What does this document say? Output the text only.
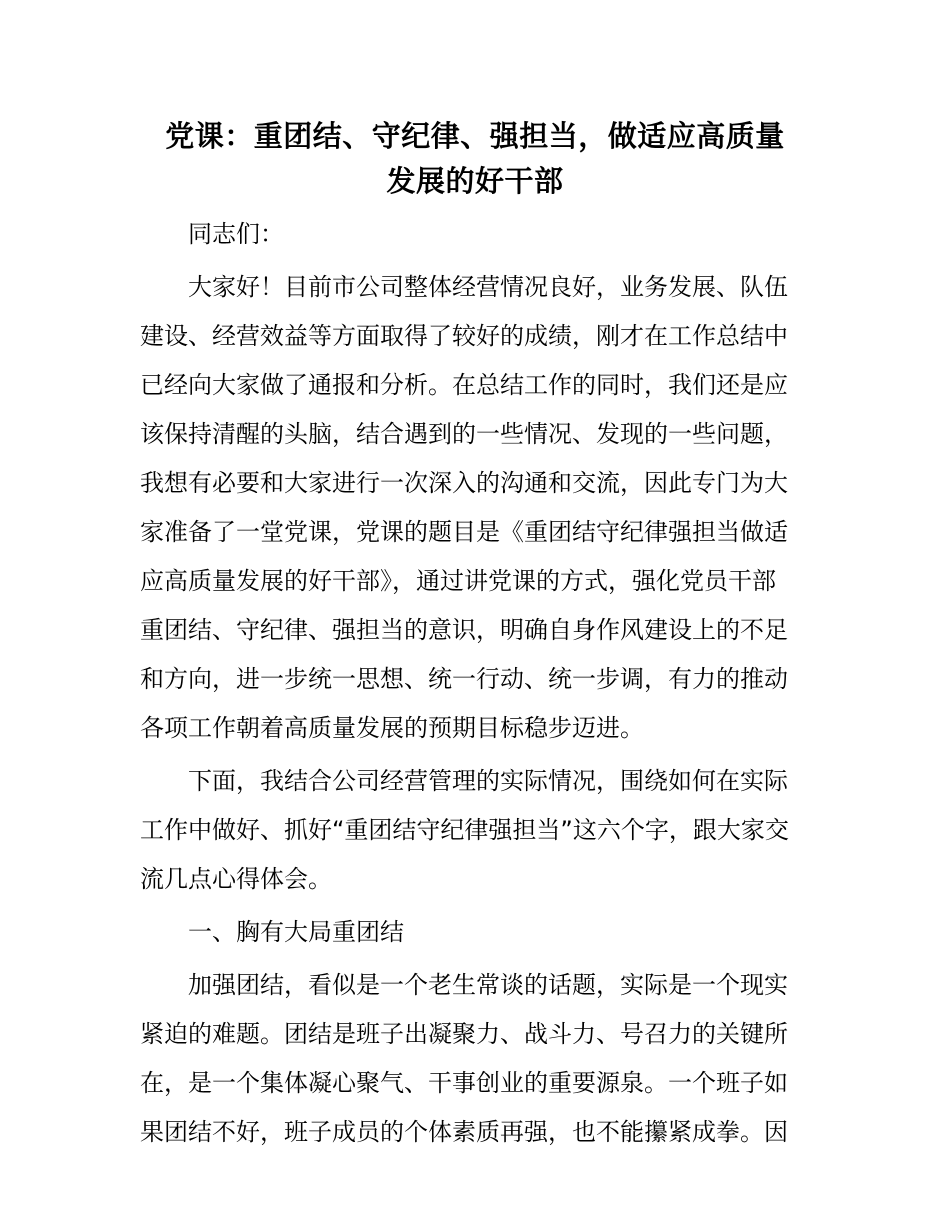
党课：重团结、守纪律、强担当，做适应高质量
发展的好干部

同志们：

大家好！目前市公司整体经营情况良好，业务发展、队伍
建设、经营效益等方面取得了较好的成绩，刚才在工作总结中
已经向大家做了通报和分析。在总结工作的同时，我们还是应
该保持清醒的头脑，结合遇到的一些情况、发现的一些问题，
我想有必要和大家进行一次深入的沟通和交流，因此专门为大
家准备了一堂党课，党课的题目是《重团结守纪律强担当做适
应高质量发展的好干部》，通过讲党课的方式，强化党员干部
重团结、守纪律、强担当的意识，明确自身作风建设上的不足
和方向，进一步统一思想、统一行动、统一步调，有力的推动
各项工作朝着高质量发展的预期目标稳步迈进。

下面，我结合公司经营管理的实际情况，围绕如何在实际
工作中做好、抓好“重团结守纪律强担当”这六个字，跟大家交
流几点心得体会。

一、胸有大局重团结

加强团结，看似是一个老生常谈的话题，实际是一个现实
紧迫的难题。团结是班子出凝聚力、战斗力、号召力的关键所
在，是一个集体凝心聚气、干事创业的重要源泉。一个班子如
果团结不好，班子成员的个体素质再强，也不能攥紧成拳。因
